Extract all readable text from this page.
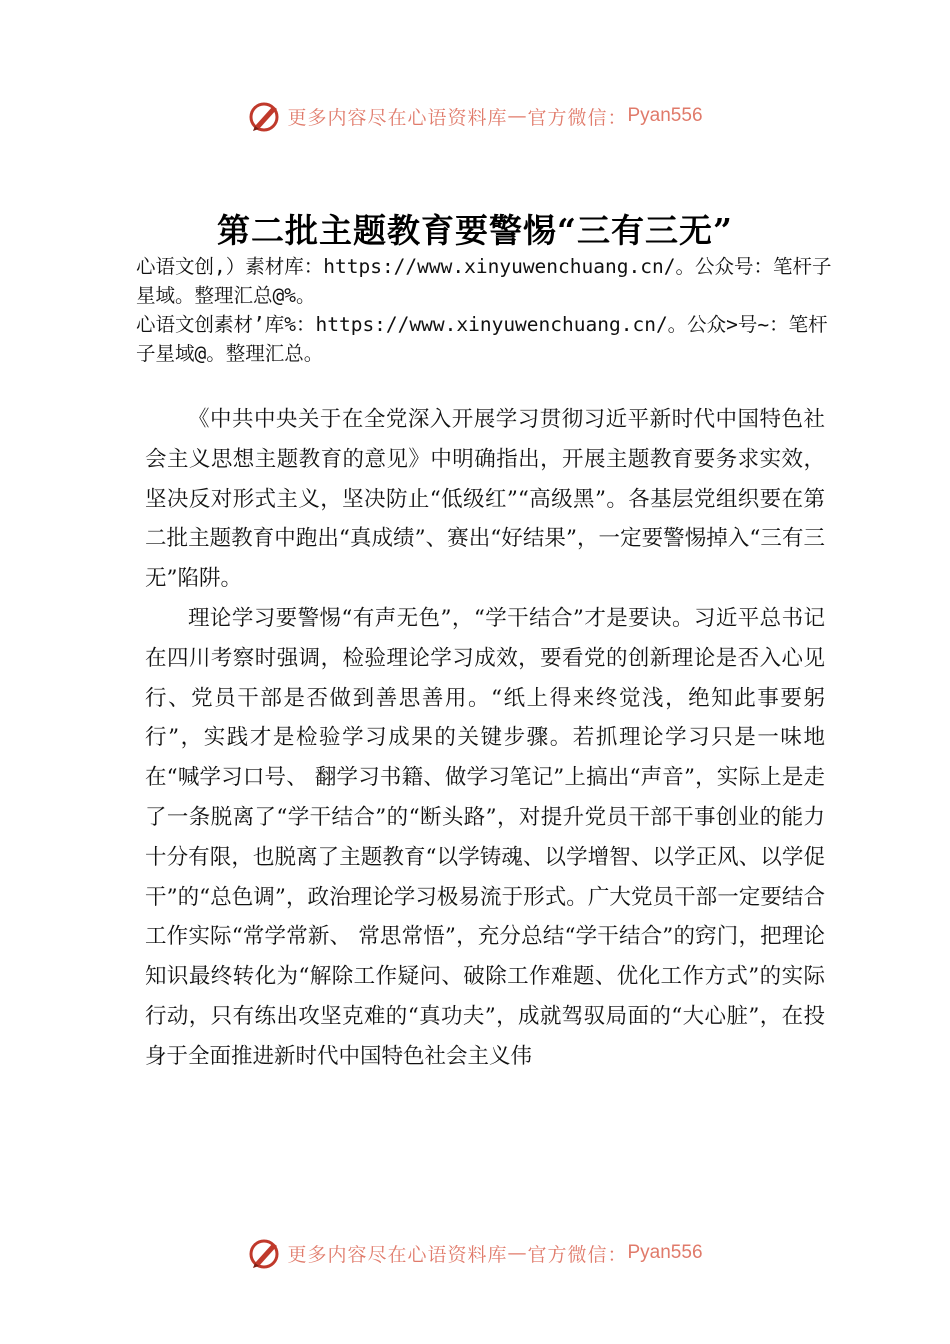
更多内容尽在心语资料库 — 官方微信： Pyan556
第二批主题教育要警惕“三有三无”

心语文创,）素材库：https://www.xinyuwenchuang.cn/。公众号：笔杆子星域。整理汇总@%。

心语文创素材’库%：https://www.xinyuwenchuang.cn/。公众>号~：笔杆子星域@。整理汇总。

《中共中央关于在全党深入开展学习贯彻习近平新时代中国特色社会主义思想主题教育的意见》中明确指出，开展主题教育要务求实效，坚决反对形式主义，坚决防止“低级红”“高级黑”。各基层党组织要在第二批主题教育中跑出“真成绩”、赛出“好结果”，一定要警惕掉入“三有三无”陷阱。

理论学习要警惕“有声无色”，“学干结合”才是要诀。习近平总书记在四川考察时强调，检验理论学习成效，要看党的创新理论是否入心见行、党员干部是否做到善思善用。“纸上得来终觉浅，绝知此事要躬行”，实践才是检验学习成果的关键步骤。若抓理论学习只是一味地在“喊学习口号、 翻学习书籍、做学习笔记”上搞出“声音”，实际上是走了一条脱离了“学干结合”的“断头路”，对提升党员干部干事创业的能力十分有限，也脱离了主题教育“以学铸魂、以学增智、以学正风、以学促干”的“总色调”，政治理论学习极易流于形式。广大党员干部一定要结合工作实际“常学常新、 常思常悟”，充分总结“学干结合”的窍门，把理论知识最终转化为“解除工作疑问、破除工作难题、优化工作方式”的实际行动，只有练出攻坚克难的“真功夫”，成就驾驭局面的“大心脏”，在投身于全面推进新时代中国特色社会主义伟

更多内容尽在心语资料库 — 官方微信： Pyan556
